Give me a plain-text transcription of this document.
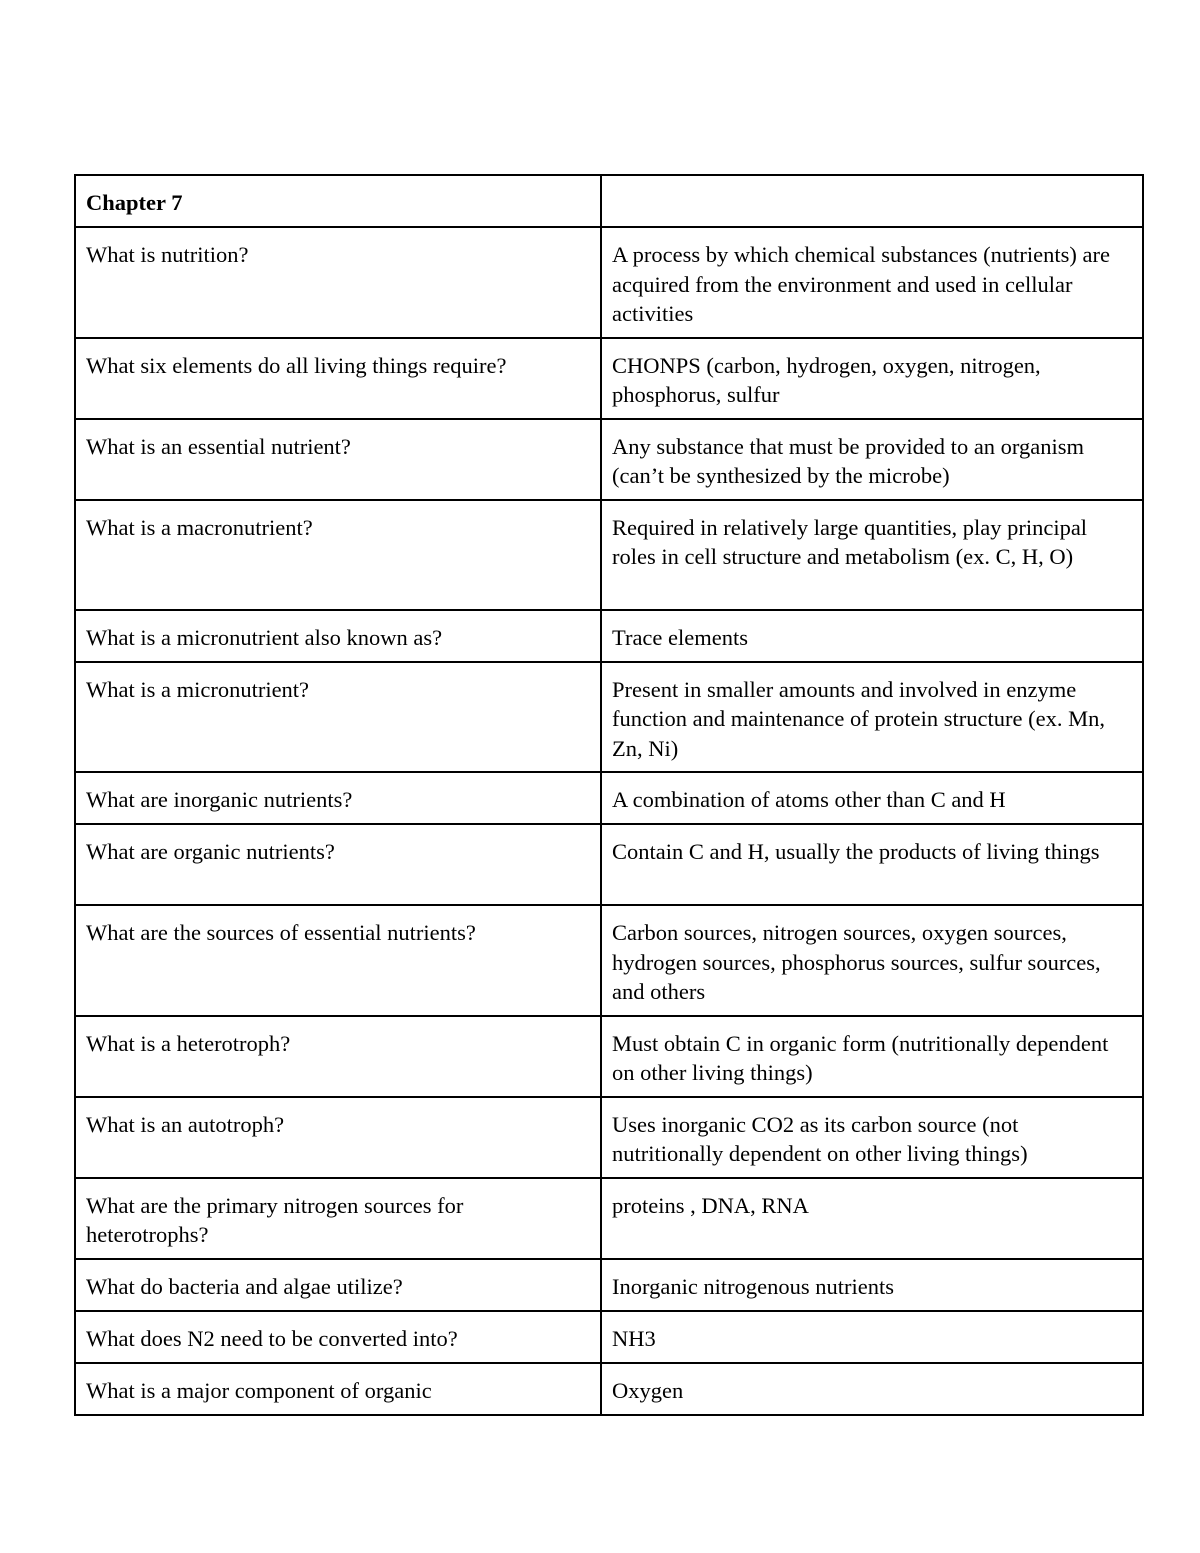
Chapter 7	
What is nutrition?	A process by which chemical substances (nutrients) are acquired from the environment and used in cellular activities
What six elements do all living things require?	CHONPS (carbon, hydrogen, oxygen, nitrogen, phosphorus, sulfur
What is an essential nutrient?	Any substance that must be provided to an organism (can’t be synthesized by the microbe)
What is a macronutrient?	Required in relatively large quantities, play principal roles in cell structure and metabolism (ex. C, H, O)
What is a micronutrient also known as?	Trace elements
What is a micronutrient?	Present in smaller amounts and involved in enzyme function and maintenance of protein structure (ex. Mn, Zn, Ni)
What are inorganic nutrients?	A combination of atoms other than C and H
What are organic nutrients?	Contain C and H, usually the products of living things
What are the sources of essential nutrients?	Carbon sources, nitrogen sources, oxygen sources, hydrogen sources, phosphorus sources, sulfur sources, and others
What is a heterotroph?	Must obtain C in organic form (nutritionally dependent on other living things)
What is an autotroph?	Uses inorganic CO2 as its carbon source (not nutritionally dependent on other living things)
What are the primary nitrogen sources for heterotrophs?	proteins , DNA, RNA
What do bacteria and algae utilize?	Inorganic nitrogenous nutrients
What does N2 need to be converted into?	NH3
What is a major component of organic	Oxygen
